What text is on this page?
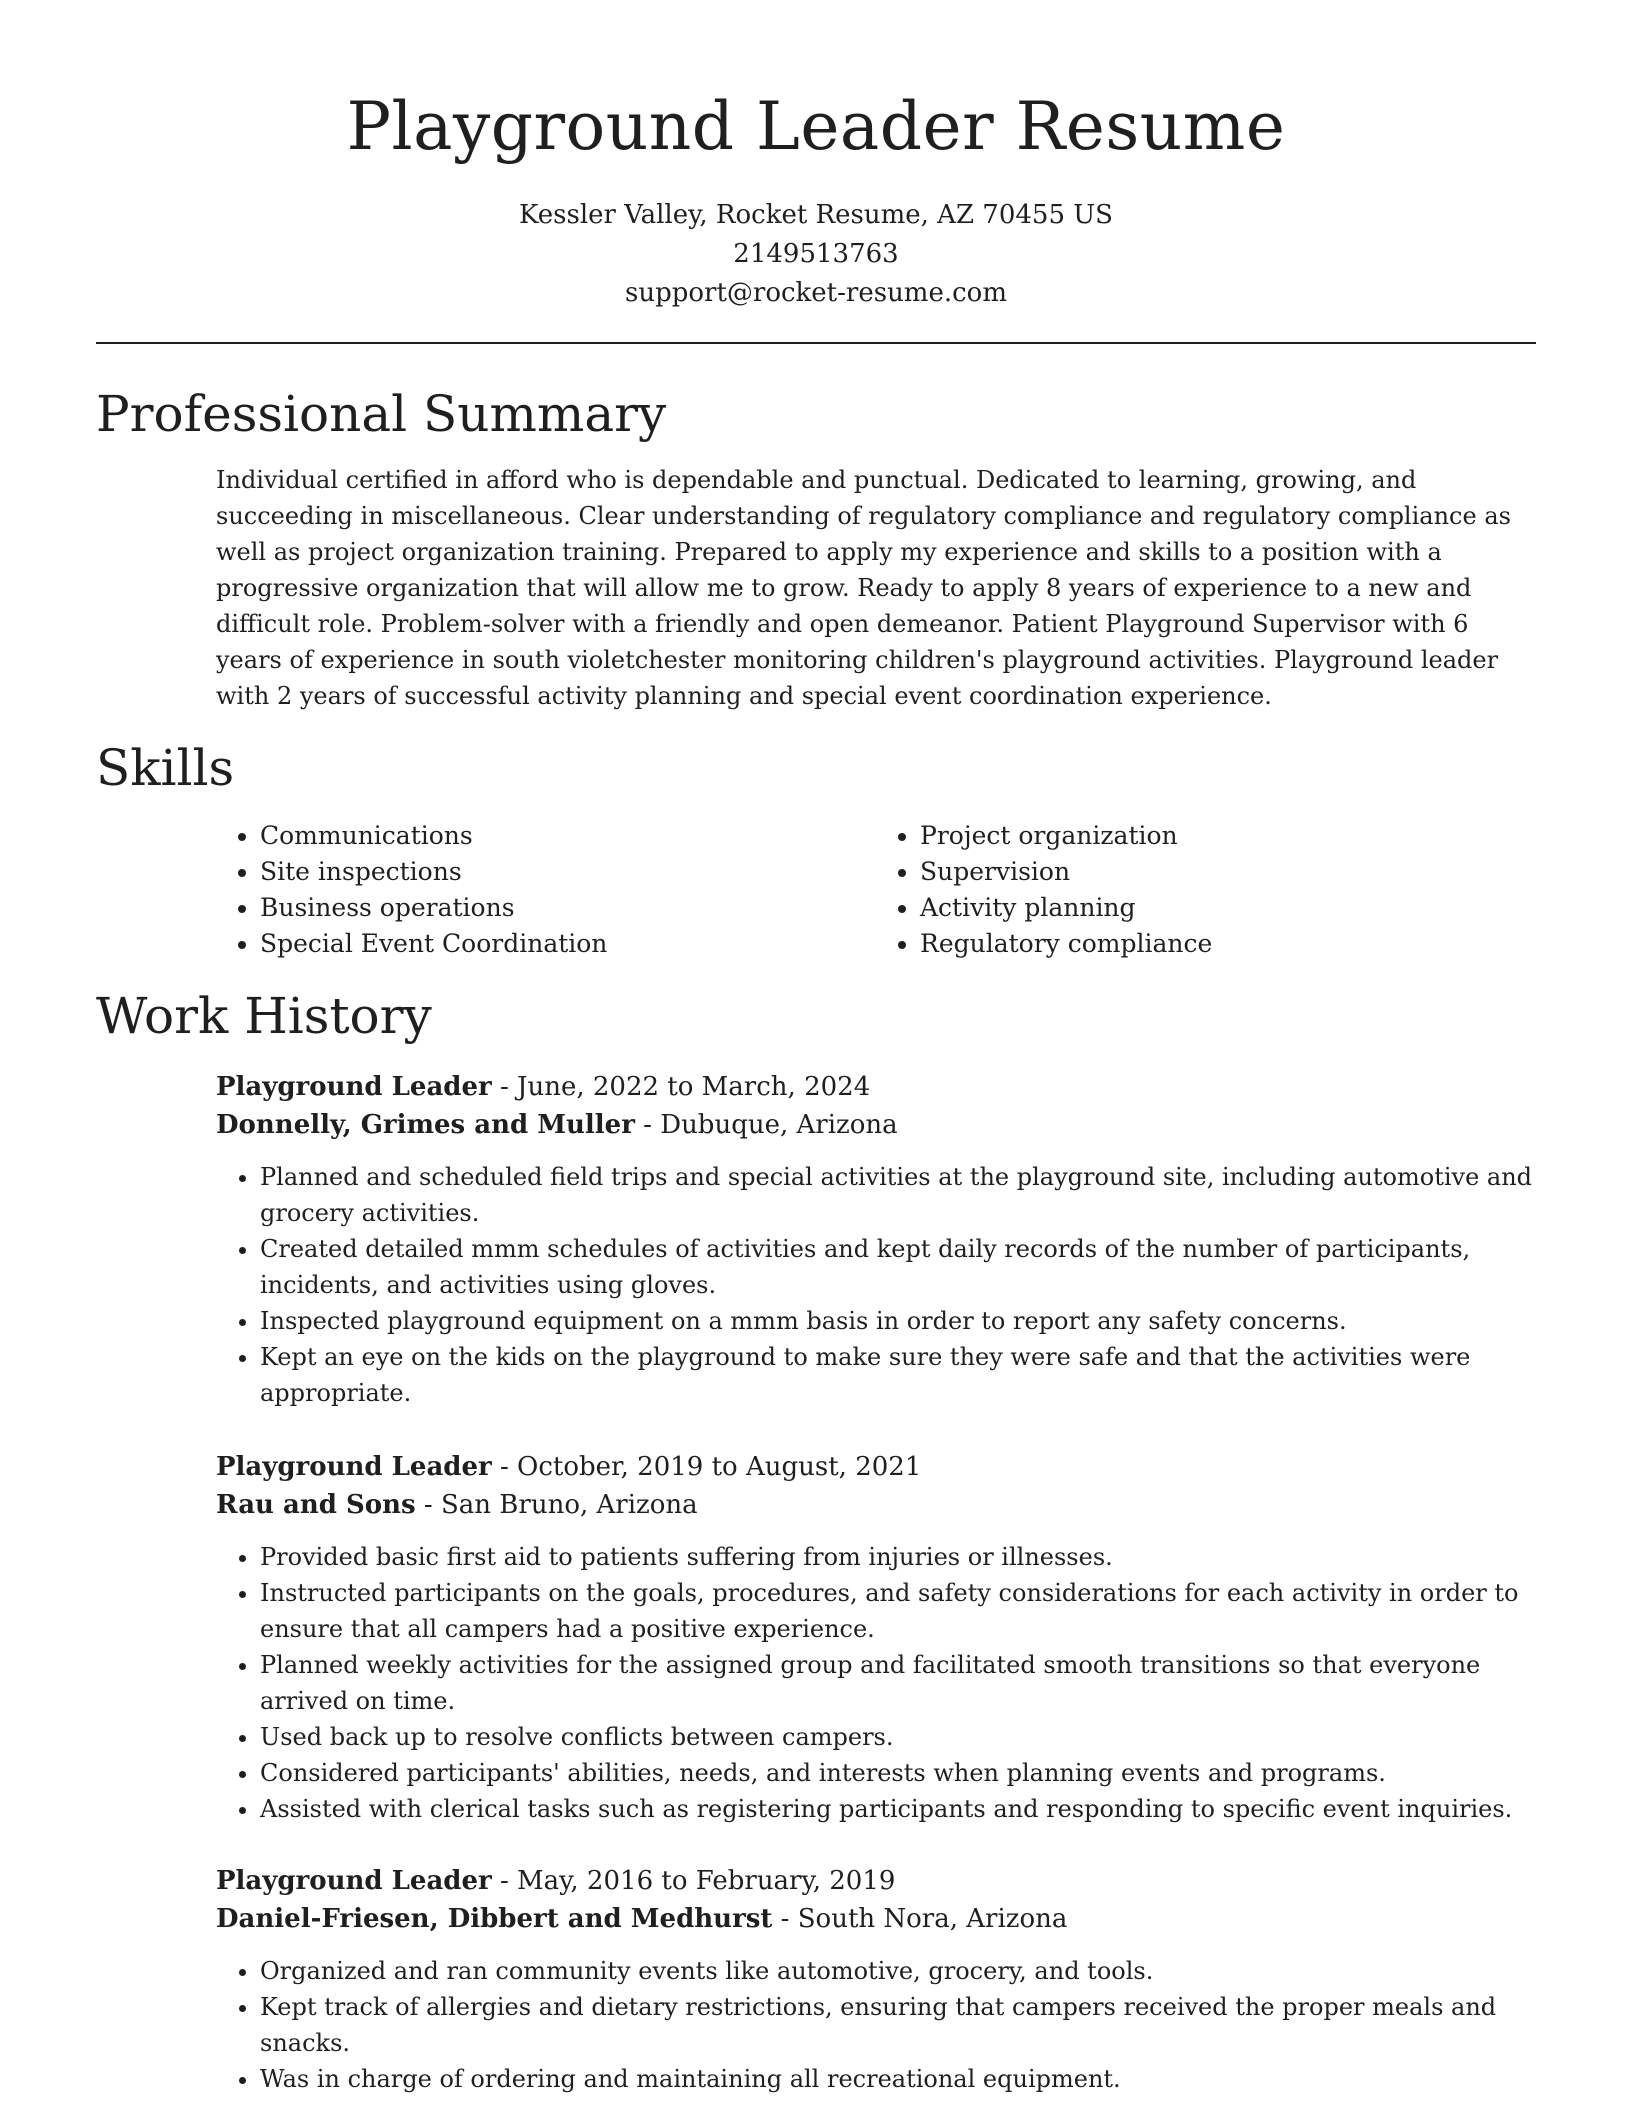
Playground Leader Resume
Kessler Valley, Rocket Resume, AZ 70455 US
2149513763
support@rocket-resume.com
Professional Summary

Individual certified in afford who is dependable and punctual. Dedicated to learning, growing, and succeeding in miscellaneous. Clear understanding of regulatory compliance and regulatory compliance as well as project organization training. Prepared to apply my experience and skills to a position with a progressive organization that will allow me to grow. Ready to apply 8 years of experience to a new and difficult role. Problem-solver with a friendly and open demeanor. Patient Playground Supervisor with 6 years of experience in south violetchester monitoring children's playground activities. Playground leader with 2 years of successful activity planning and special event coordination experience.

Skills
• Communications
• Site inspections
• Business operations
• Special Event Coordination
• Project organization
• Supervision
• Activity planning
• Regulatory compliance
Work History

Playground Leader - June, 2022 to March, 2024

Donnelly, Grimes and Muller - Dubuque, Arizona

• Planned and scheduled field trips and special activities at the playground site, including automotive and grocery activities.
• Created detailed mmm schedules of activities and kept daily records of the number of participants, incidents, and activities using gloves.
• Inspected playground equipment on a mmm basis in order to report any safety concerns.
• Kept an eye on the kids on the playground to make sure they were safe and that the activities were appropriate.

Playground Leader - October, 2019 to August, 2021

Rau and Sons - San Bruno, Arizona

• Provided basic first aid to patients suffering from injuries or illnesses.
• Instructed participants on the goals, procedures, and safety considerations for each activity in order to ensure that all campers had a positive experience.
• Planned weekly activities for the assigned group and facilitated smooth transitions so that everyone arrived on time.
• Used back up to resolve conflicts between campers.
• Considered participants' abilities, needs, and interests when planning events and programs.
• Assisted with clerical tasks such as registering participants and responding to specific event inquiries.

Playground Leader - May, 2016 to February, 2019

Daniel-Friesen, Dibbert and Medhurst - South Nora, Arizona

• Organized and ran community events like automotive, grocery, and tools.
• Kept track of allergies and dietary restrictions, ensuring that campers received the proper meals and snacks.
• Was in charge of ordering and maintaining all recreational equipment.
